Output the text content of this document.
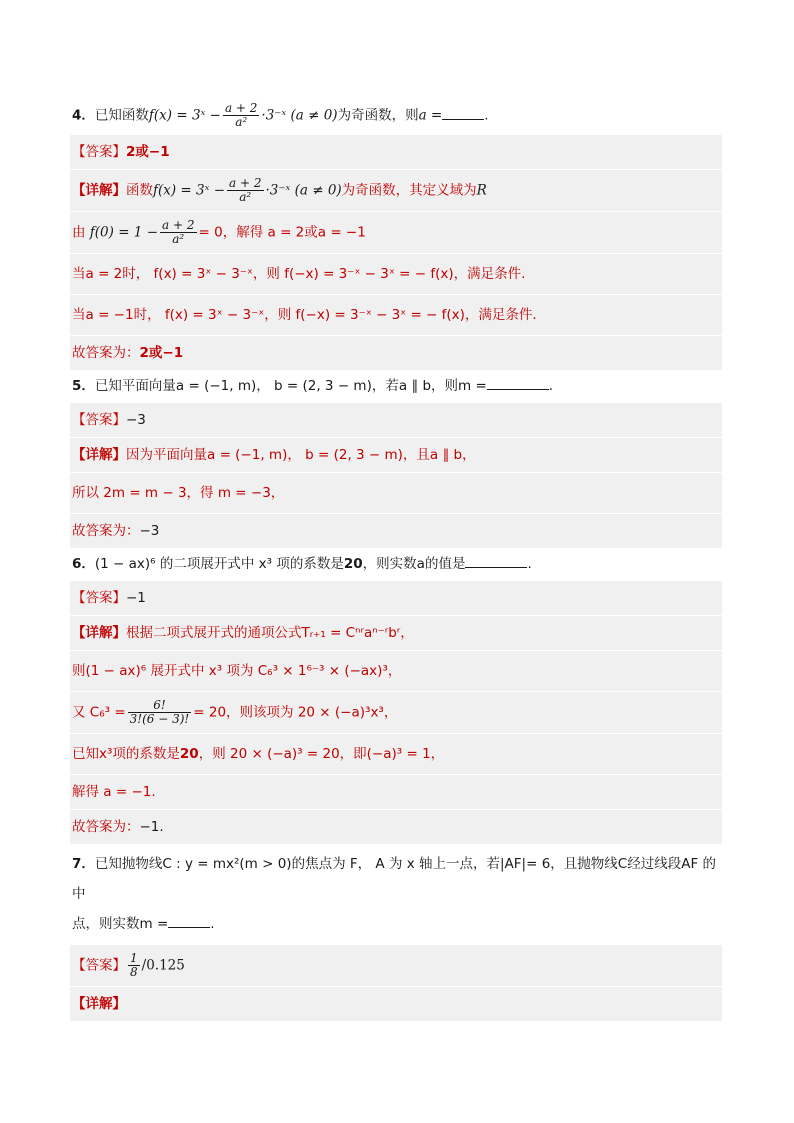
4．已知函数f(x) = 3ˣ − $\frac{a + 2}{\text{a²}}$ ·3⁻ˣ (a ≠ 0)为奇函数，则a =	.
【答案】2或−1
【详解】函数f(x) = 3ˣ − $\frac{a + 2}{\text{a²}}$ ·3⁻ˣ (a ≠ 0)为奇函数，其定义域为R
由 $f(0) = 1 - \frac{a + 2}{\text{a²}} = 0$，解得 a = 2或a = −1
当a = 2时， f(x) = 3ˣ − 3⁻ˣ，则 f(−x) = 3⁻ˣ − 3ˣ = − f(x)，满足条件.
当a = −1时， f(x) = 3ˣ − 3⁻ˣ，则 f(−x) = 3⁻ˣ − 3ˣ = − f(x)，满足条件.
故答案为：2或−1
5．已知平面向量a = (−1, m)， b = (2, 3 − m)，若a ∥ b，则m =	.
【答案】−3
【详解】因为平面向量a = (−1, m)， b = (2, 3 − m)，且a ∥ b，
所以 2m = m − 3，得 m = −3，
故答案为：−3
6．(1 − ax)⁶ 的二项展开式中 x³ 项的系数是20，则实数a的值是	.
【答案】−1
【详解】根据二项式展开式的通项公式Tᵣ₊₁ = Cⁿʳaⁿ⁻ʳbʳ，
则(1 − ax)⁶ 展开式中 x³ 项为 C₆³ × 1⁶⁻³ × (−ax)³，
又 $C_6^3 = \frac{6!}{3!(6 - 3)!} = 20$，则该项为 20 × (−a)³x³，
已知x³项的系数是20，则 20 × (−a)³ = 20，即(−a)³ = 1，
解得 a = −1.
故答案为：−1.
7．已知抛物线C : y = mx²(m > 0)的焦点为 F， A 为 x 轴上一点，若|AF|= 6，且抛物线C经过线段AF 的中
点，则实数m =	.
【答案】 $\frac{1}{8} /0.125$
【详解】
